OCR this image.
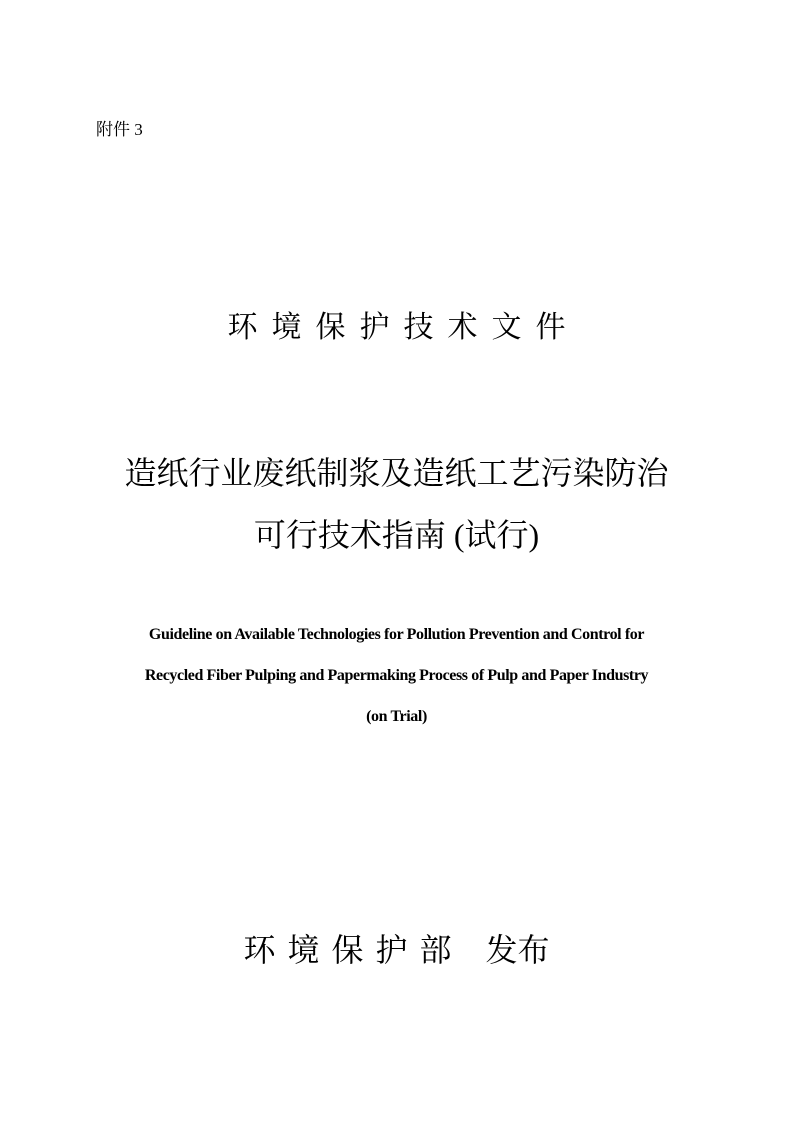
附件 3
环境保护技术文件
造纸行业废纸制浆及造纸工艺污染防治
可行技术指南 (试行)
Guideline on Available Technologies for Pollution Prevention and Control for
Recycled Fiber Pulping and Papermaking Process of Pulp and Paper Industry
(on Trial)
环境保护部 发布
